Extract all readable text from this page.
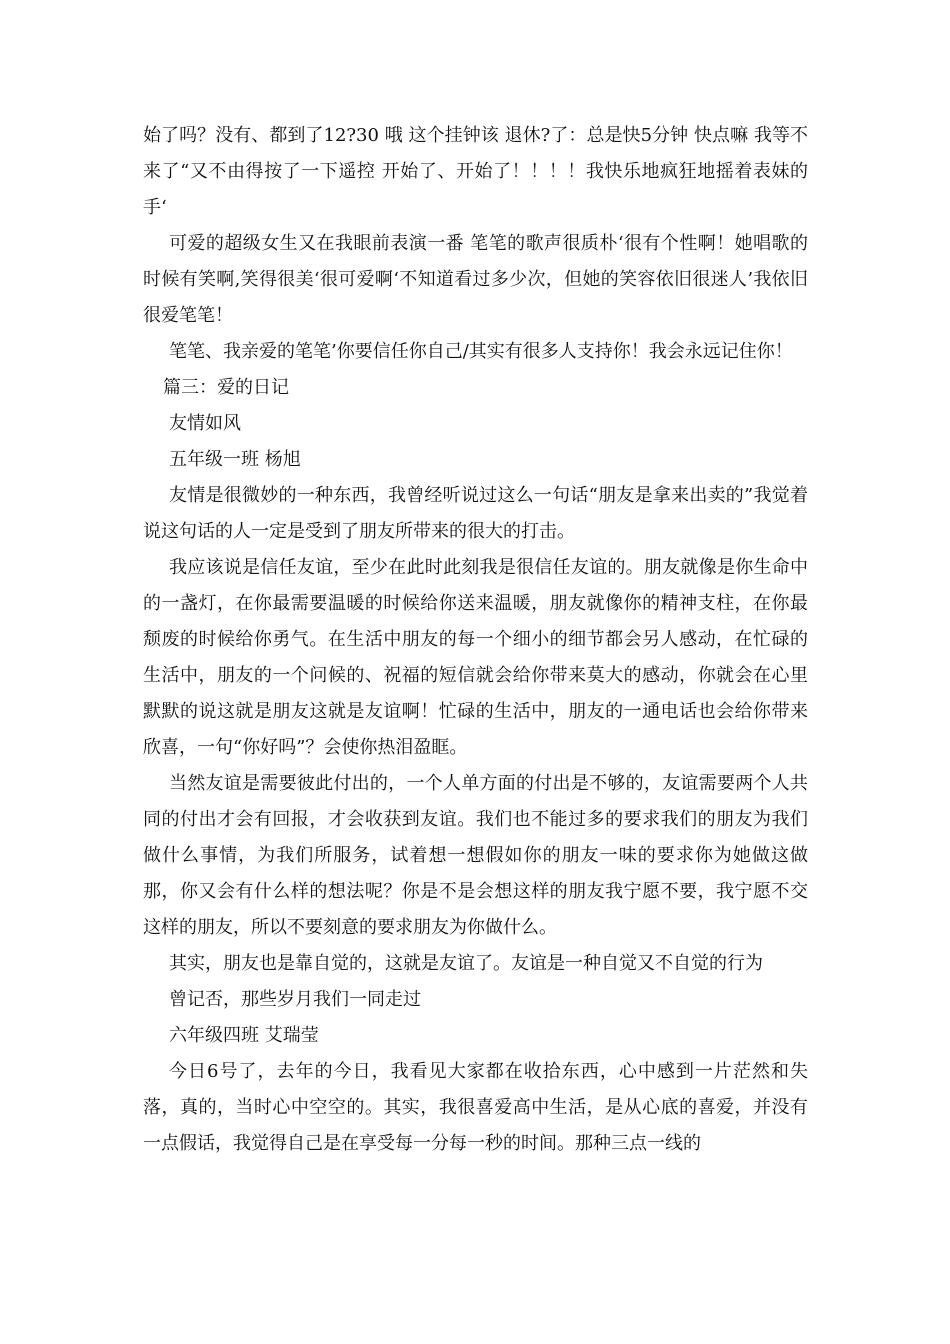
始了吗？没有、都到了12?30 哦 这个挂钟该 退休?了：总是快5分钟 快点嘛 我等不来了“又不由得按了一下遥控 开始了、开始了！！！！我快乐地疯狂地摇着表妹的手‘

可爱的超级女生又在我眼前表演一番 笔笔的歌声很质朴‘很有个性啊！她唱歌的时候有笑啊,笑得很美‘很可爱啊‘不知道看过多少次，但她的笑容依旧很迷人’我依旧很爱笔笔！

笔笔、我亲爱的笔笔’你要信任你自己/其实有很多人支持你！我会永远记住你！

篇三：爱的日记

友情如风

五年级一班 杨旭

友情是很微妙的一种东西，我曾经听说过这么一句话“朋友是拿来出卖的”我觉着说这句话的人一定是受到了朋友所带来的很大的打击。

我应该说是信任友谊，至少在此时此刻我是很信任友谊的。朋友就像是你生命中的一盏灯，在你最需要温暖的时候给你送来温暖，朋友就像你的精神支柱，在你最颓废的时候给你勇气。在生活中朋友的每一个细小的细节都会另人感动，在忙碌的生活中，朋友的一个问候的、祝福的短信就会给你带来莫大的感动，你就会在心里默默的说这就是朋友这就是友谊啊！忙碌的生活中，朋友的一通电话也会给你带来欣喜，一句“你好吗”？会使你热泪盈眶。

当然友谊是需要彼此付出的，一个人单方面的付出是不够的，友谊需要两个人共同的付出才会有回报，才会收获到友谊。我们也不能过多的要求我们的朋友为我们做什么事情，为我们所服务，试着想一想假如你的朋友一味的要求你为她做这做那，你又会有什么样的想法呢？你是不是会想这样的朋友我宁愿不要，我宁愿不交这样的朋友，所以不要刻意的要求朋友为你做什么。

其实，朋友也是靠自觉的，这就是友谊了。友谊是一种自觉又不自觉的行为

曾记否，那些岁月我们一同走过

六年级四班 艾瑞莹

今日6号了，去年的今日，我看见大家都在收拾东西，心中感到一片茫然和失落，真的，当时心中空空的。其实，我很喜爱高中生活，是从心底的喜爱，并没有一点假话，我觉得自己是在享受每一分每一秒的时间。那种三点一线的
